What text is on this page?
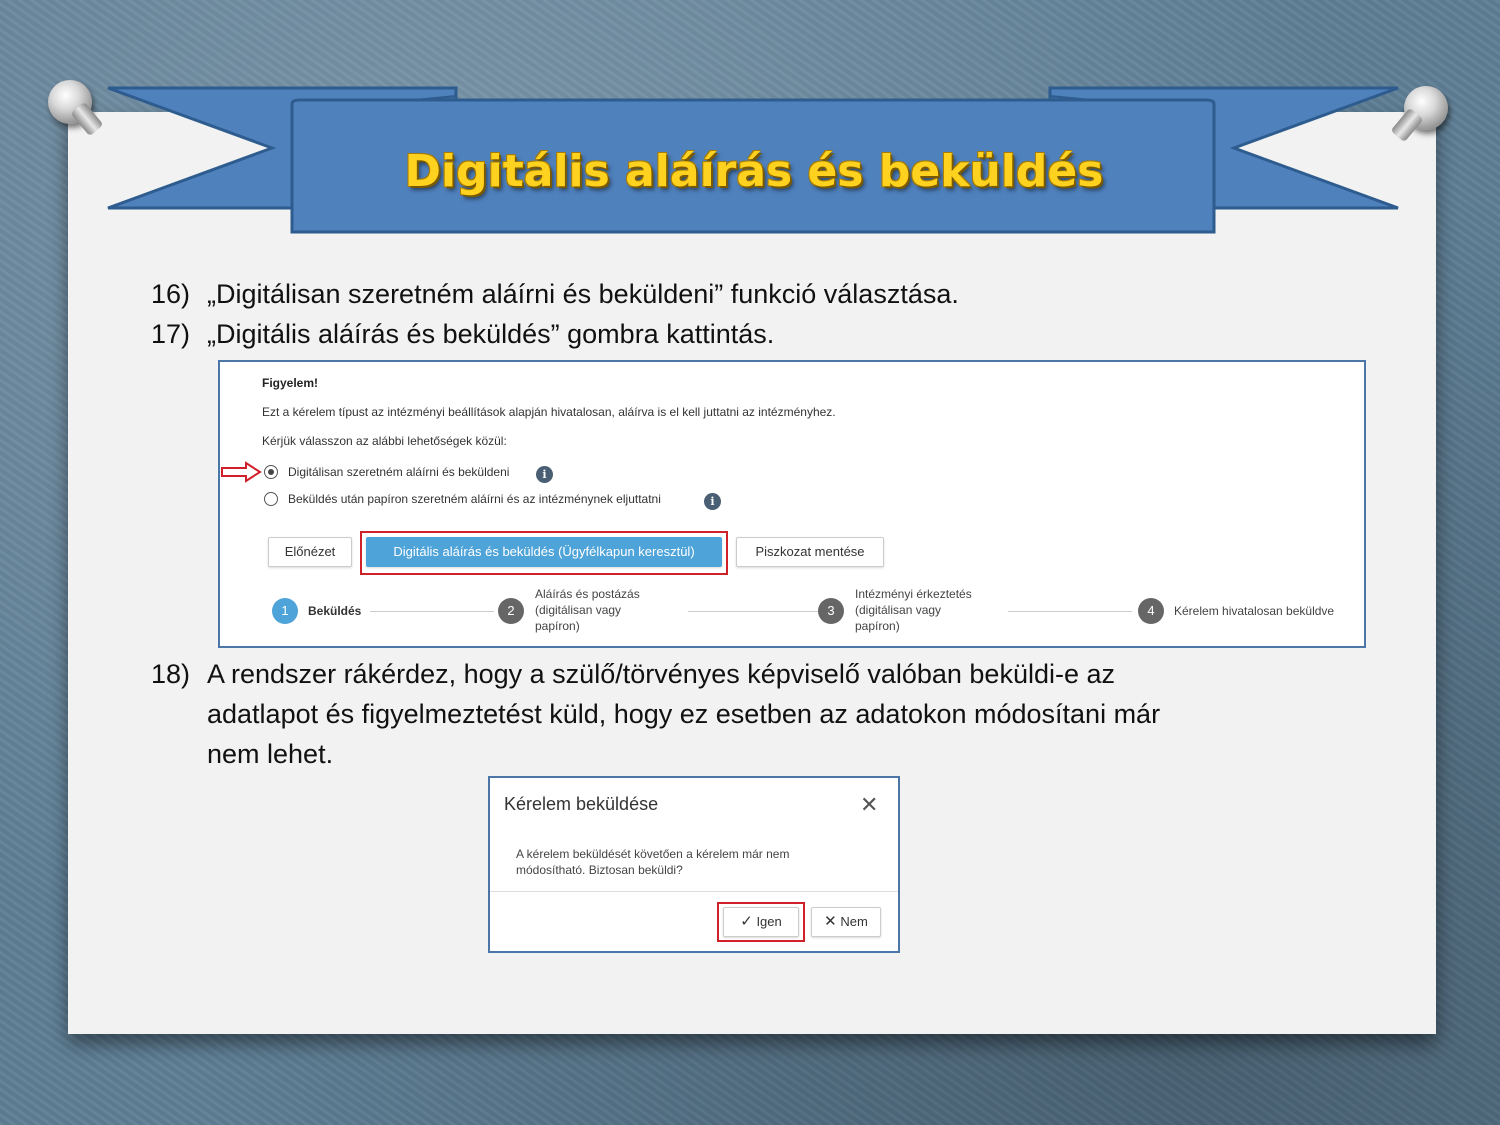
Digitális aláírás és beküldés
16) „Digitálisan szeretném aláírni és beküldeni” funkció választása.
17) „Digitális aláírás és beküldés” gombra kattintás.
Figyelem!
Ezt a kérelem típust az intézményi beállítások alapján hivatalosan, aláírva is el kell juttatni az intézményhez.
Kérjük válasszon az alábbi lehetőségek közül:
Digitálisan szeretném aláírni és beküldeni	i
Beküldés után papíron szeretném aláírni és az intézménynek eljuttatni	i
Előnézet	Digitális aláírás és beküldés (Ügyfélkapun keresztül)	Piszkozat mentése
1	Beküldés	2
Aláírás és postázás
(digitálisan vagy
papíron)
3
Intézményi érkeztetés
(digitálisan vagy
papíron)
4	Kérelem hivatalosan beküldve
18) A rendszer rákérdez, hogy a szülő/törvényes képviselő valóban beküldi-e az
adatlapot és figyelmeztetést küld, hogy ez esetben az adatokon módosítani már
nem lehet.
Kérelem beküldése	✕
A kérelem beküldését követően a kérelem már nem
módosítható. Biztosan beküldi?
✓ Igen	✕ Nem
